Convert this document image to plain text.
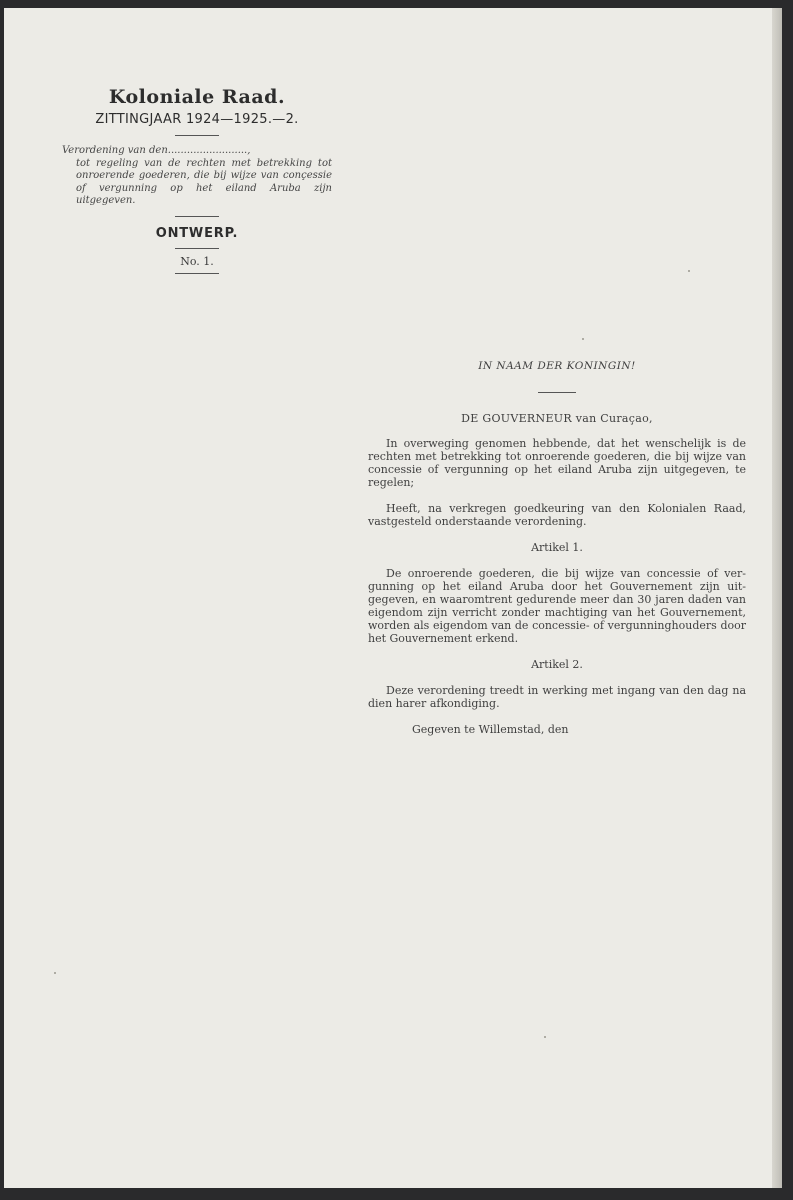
Koloniale Raad.
ZITTINGJAAR 1924—1925.—2.
Verordening van den.........................,
tot regeling van de rechten met betrekking tot onroerende goederen, die bij wijze van conçessie of vergunning op het eiland Aruba zijn uitgegeven.
ONTWERP.
No. 1.

IN NAAM DER KONINGIN!

DE GOUVERNEUR van Curaçao,

In overweging genomen hebbende, dat het wenschelijk is de rechten met betrekking tot onroerende goederen, die bij wijze van concessie of vergunning op het eiland Aruba zijn uitgegeven, te regelen;

Heeft, na verkregen goedkeuring van den Kolonialen Raad, vastgesteld onderstaande verordening.

Artikel 1.

De onroerende goederen, die bij wijze van concessie of vergunning op het eiland Aruba door het Gouvernement zijn uitgegeven, en waaromtrent gedurende meer dan 30 jaren daden van eigendom zijn verricht zonder machtiging van het Gouvernement, worden als eigendom van de concessie- of vergunninghouders door het Gouvernement erkend.

Artikel 2.

Deze verordening treedt in werking met ingang van den dag na dien harer afkondiging.

Gegeven te Willemstad, den
